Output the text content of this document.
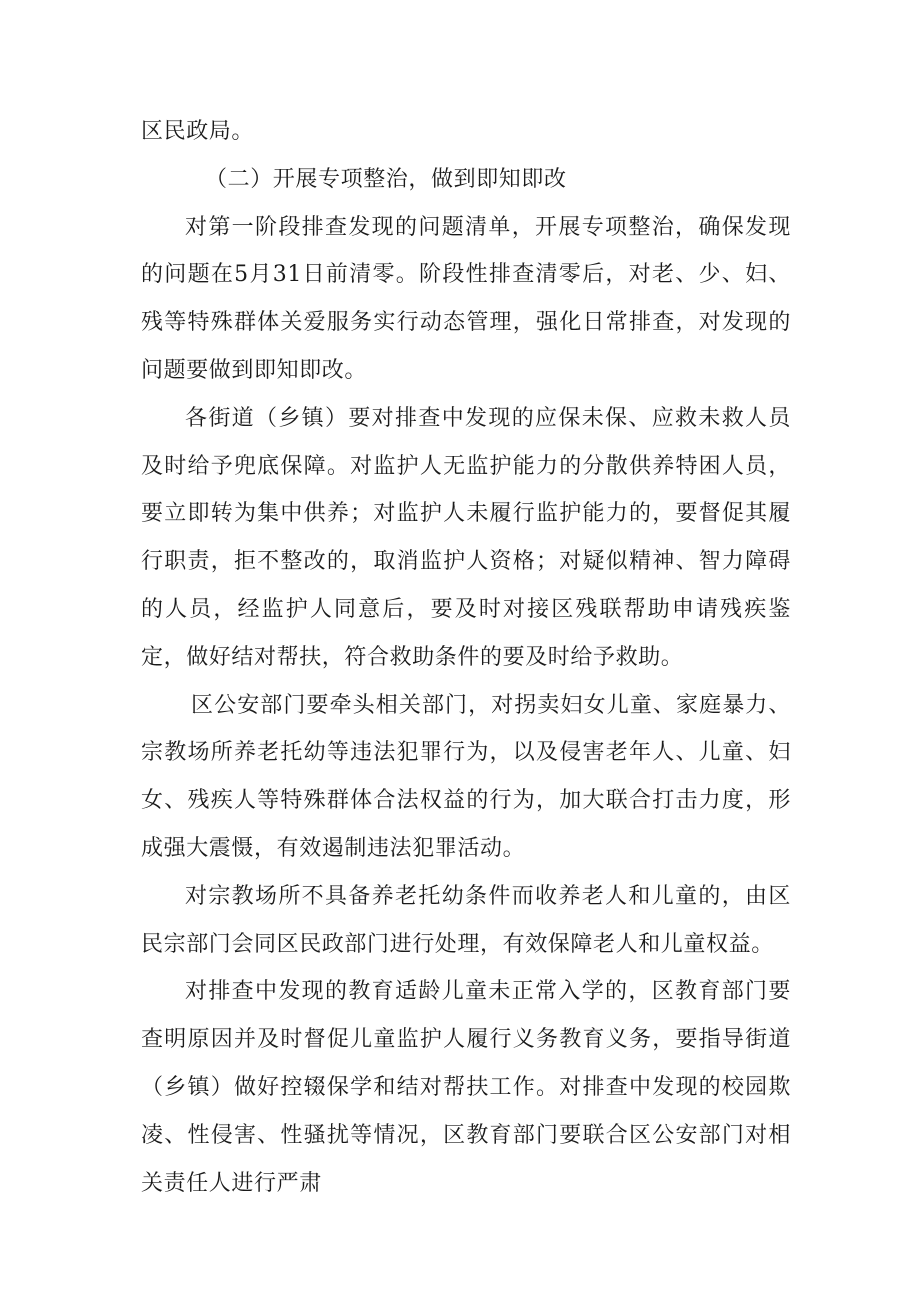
区民政局。

（二）开展专项整治，做到即知即改

对第一阶段排查发现的问题清单，开展专项整治，确保发现的问题在5月31日前清零。阶段性排查清零后，对老、少、妇、残等特殊群体关爱服务实行动态管理，强化日常排查，对发现的问题要做到即知即改。

各街道（乡镇）要对排查中发现的应保未保、应救未救人员及时给予兜底保障。对监护人无监护能力的分散供养特困人员，要立即转为集中供养；对监护人未履行监护能力的，要督促其履行职责，拒不整改的，取消监护人资格；对疑似精神、智力障碍的人员，经监护人同意后，要及时对接区残联帮助申请残疾鉴定，做好结对帮扶，符合救助条件的要及时给予救助。

区公安部门要牵头相关部门，对拐卖妇女儿童、家庭暴力、宗教场所养老托幼等违法犯罪行为，以及侵害老年人、儿童、妇女、残疾人等特殊群体合法权益的行为，加大联合打击力度，形成强大震慑，有效遏制违法犯罪活动。

对宗教场所不具备养老托幼条件而收养老人和儿童的，由区民宗部门会同区民政部门进行处理，有效保障老人和儿童权益。

对排查中发现的教育适龄儿童未正常入学的，区教育部门要查明原因并及时督促儿童监护人履行义务教育义务，要指导街道（乡镇）做好控辍保学和结对帮扶工作。对排查中发现的校园欺凌、性侵害、性骚扰等情况，区教育部门要联合区公安部门对相关责任人进行严肃
